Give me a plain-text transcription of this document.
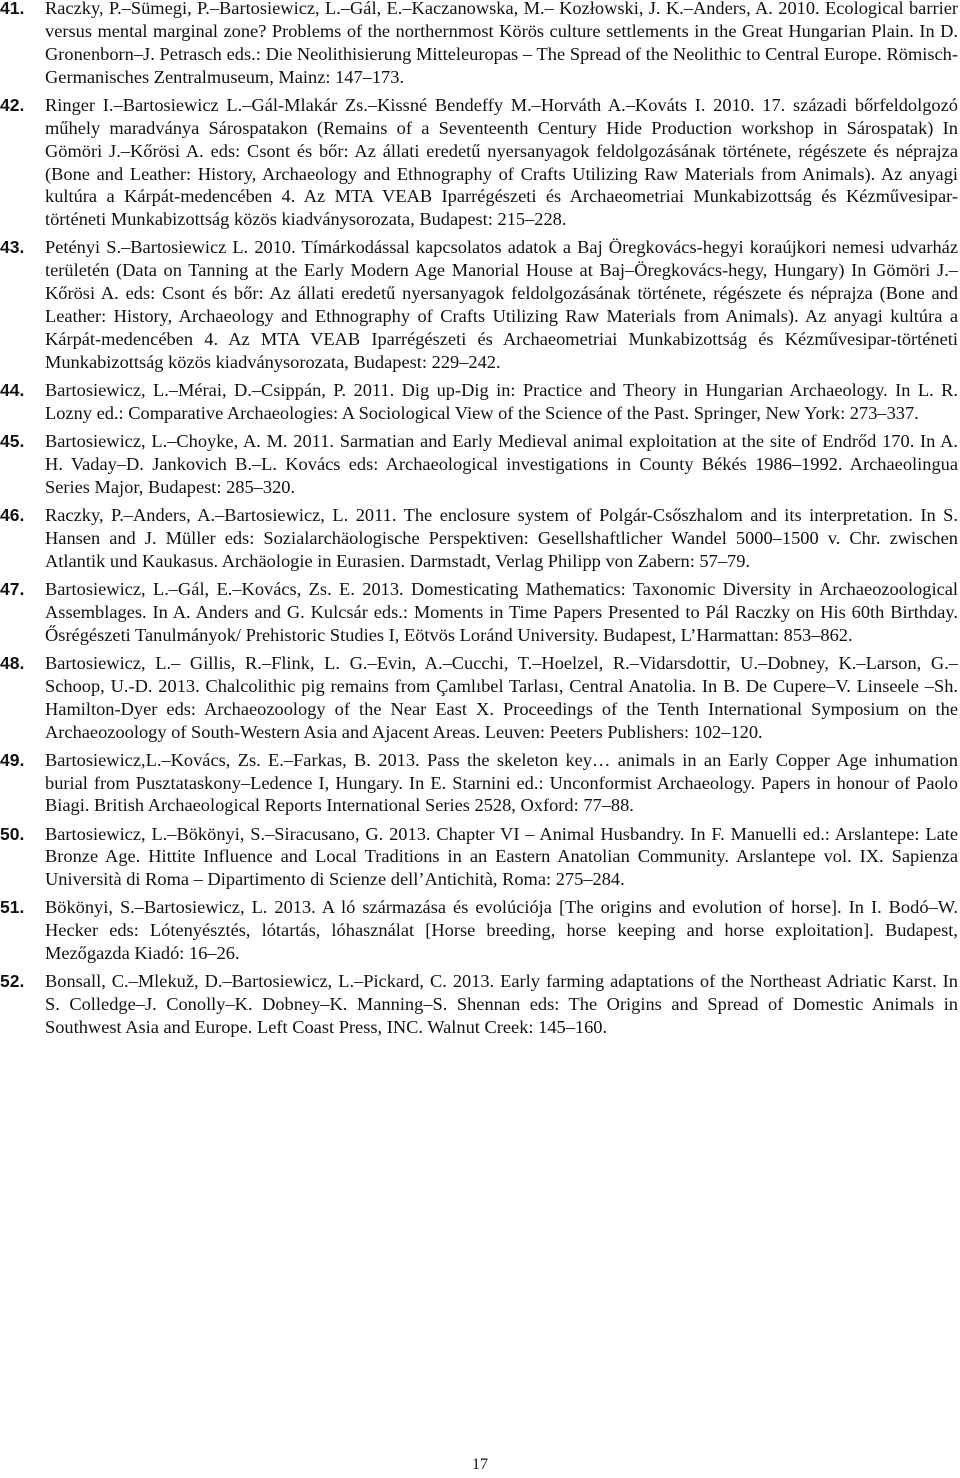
41. Raczky, P.–Sümegi, P.–Bartosiewicz, L.–Gál, E.–Kaczanowska, M.– Kozłowski, J. K.–Anders, A. 2010. Ecological barrier versus mental marginal zone? Problems of the northernmost Körös culture settlements in the Great Hungarian Plain. In D. Gronenborn–J. Petrasch eds.: Die Neolithisierung Mitteleuropas – The Spread of the Neolithic to Central Europe. Römisch-Germanisches Zentralmuseum, Mainz: 147–173.
42. Ringer I.–Bartosiewicz L.–Gál-Mlakár Zs.–Kissné Bendeffy M.–Horváth A.–Kováts I. 2010. 17. századi bőrfeldolgozó műhely maradványa Sárospatakon (Remains of a Seventeenth Century Hide Production workshop in Sárospatak) In Gömöri J.–Kőrösi A. eds: Csont és bőr: Az állati eredetű nyersanyagok feldolgozásának története, régészete és néprajza (Bone and Leather: History, Archaeology and Ethnography of Crafts Utilizing Raw Materials from Animals). Az anyagi kultúra a Kárpát-medencében 4. Az MTA VEAB Iparrégészeti és Archaeometriai Munkabizottság és Kézművesipar-történeti Munkabizottság közös kiadványsorozata, Budapest: 215–228.
43. Petényi S.–Bartosiewicz L. 2010. Tímárkodással kapcsolatos adatok a Baj Öregkovács-hegyi koraújkori nemesi udvarház területén (Data on Tanning at the Early Modern Age Manorial House at Baj–Öregkovács-hegy, Hungary) In Gömöri J.–Kőrösi A. eds: Csont és bőr: Az állati eredetű nyersanyagok feldolgozásának története, régészete és néprajza (Bone and Leather: History, Archaeology and Ethnography of Crafts Utilizing Raw Materials from Animals). Az anyagi kultúra a Kárpát-medencében 4. Az MTA VEAB Iparrégészeti és Archaeometriai Munkabizottság és Kézművesipar-történeti Munkabizottság közös kiadványsorozata, Budapest: 229–242.
44. Bartosiewicz, L.–Mérai, D.–Csippán, P. 2011. Dig up-Dig in: Practice and Theory in Hungarian Archaeology. In L. R. Lozny ed.: Comparative Archaeologies: A Sociological View of the Science of the Past. Springer, New York: 273–337.
45. Bartosiewicz, L.–Choyke, A. M. 2011. Sarmatian and Early Medieval animal exploitation at the site of Endrőd 170. In A. H. Vaday–D. Jankovich B.–L. Kovács eds: Archaeological investigations in County Békés 1986–1992. Archaeolingua Series Major, Budapest: 285–320.
46. Raczky, P.–Anders, A.–Bartosiewicz, L. 2011. The enclosure system of Polgár-Csőszhalom and its interpretation. In S. Hansen and J. Müller eds: Sozialarchäologische Perspektiven: Gesellshaftlicher Wandel 5000–1500 v. Chr. zwischen Atlantik und Kaukasus. Archäologie in Eurasien. Darmstadt, Verlag Philipp von Zabern: 57–79.
47. Bartosiewicz, L.–Gál, E.–Kovács, Zs. E. 2013. Domesticating Mathematics: Taxonomic Diversity in Archaeozoological Assemblages. In A. Anders and G. Kulcsár eds.: Moments in Time Papers Presented to Pál Raczky on His 60th Birthday. Ősrégészeti Tanulmányok/ Prehistoric Studies I, Eötvös Loránd University. Budapest, L’Harmattan: 853–862.
48. Bartosiewicz, L.– Gillis, R.–Flink, L. G.–Evin, A.–Cucchi, T.–Hoelzel, R.–Vidarsdottir, U.–Dobney, K.–Larson, G.–Schoop, U.-D. 2013. Chalcolithic pig remains from Çamlıbel Tarlası, Central Anatolia. In B. De Cupere–V. Linseele –Sh. Hamilton-Dyer eds: Archaeozoology of the Near East X. Proceedings of the Tenth International Symposium on the Archaeozoology of South-Western Asia and Ajacent Areas. Leuven: Peeters Publishers: 102–120.
49. Bartosiewicz,L.–Kovács, Zs. E.–Farkas, B. 2013. Pass the skeleton key… animals in an Early Copper Age inhumation burial from Pusztataskony–Ledence I, Hungary. In E. Starnini ed.: Unconformist Archaeology. Papers in honour of Paolo Biagi. British Archaeological Reports International Series 2528, Oxford: 77–88.
50. Bartosiewicz, L.–Bökönyi, S.–Siracusano, G. 2013. Chapter VI – Animal Husbandry. In F. Manuelli ed.: Arslantepe: Late Bronze Age. Hittite Influence and Local Traditions in an Eastern Anatolian Community. Arslantepe vol. IX. Sapienza Università di Roma – Dipartimento di Scienze dell’Antichità, Roma: 275–284.
51. Bökönyi, S.–Bartosiewicz, L. 2013. A ló származása és evolúciója [The origins and evolution of horse]. In I. Bodó–W. Hecker eds: Lótenyésztés, lótartás, lóhasználat [Horse breeding, horse keeping and horse exploitation]. Budapest, Mezőgazda Kiadó: 16–26.
52. Bonsall, C.–Mlekuž, D.–Bartosiewicz, L.–Pickard, C. 2013. Early farming adaptations of the Northeast Adriatic Karst. In S. Colledge–J. Conolly–K. Dobney–K. Manning–S. Shennan eds: The Origins and Spread of Domestic Animals in Southwest Asia and Europe. Left Coast Press, INC. Walnut Creek: 145–160.
17
